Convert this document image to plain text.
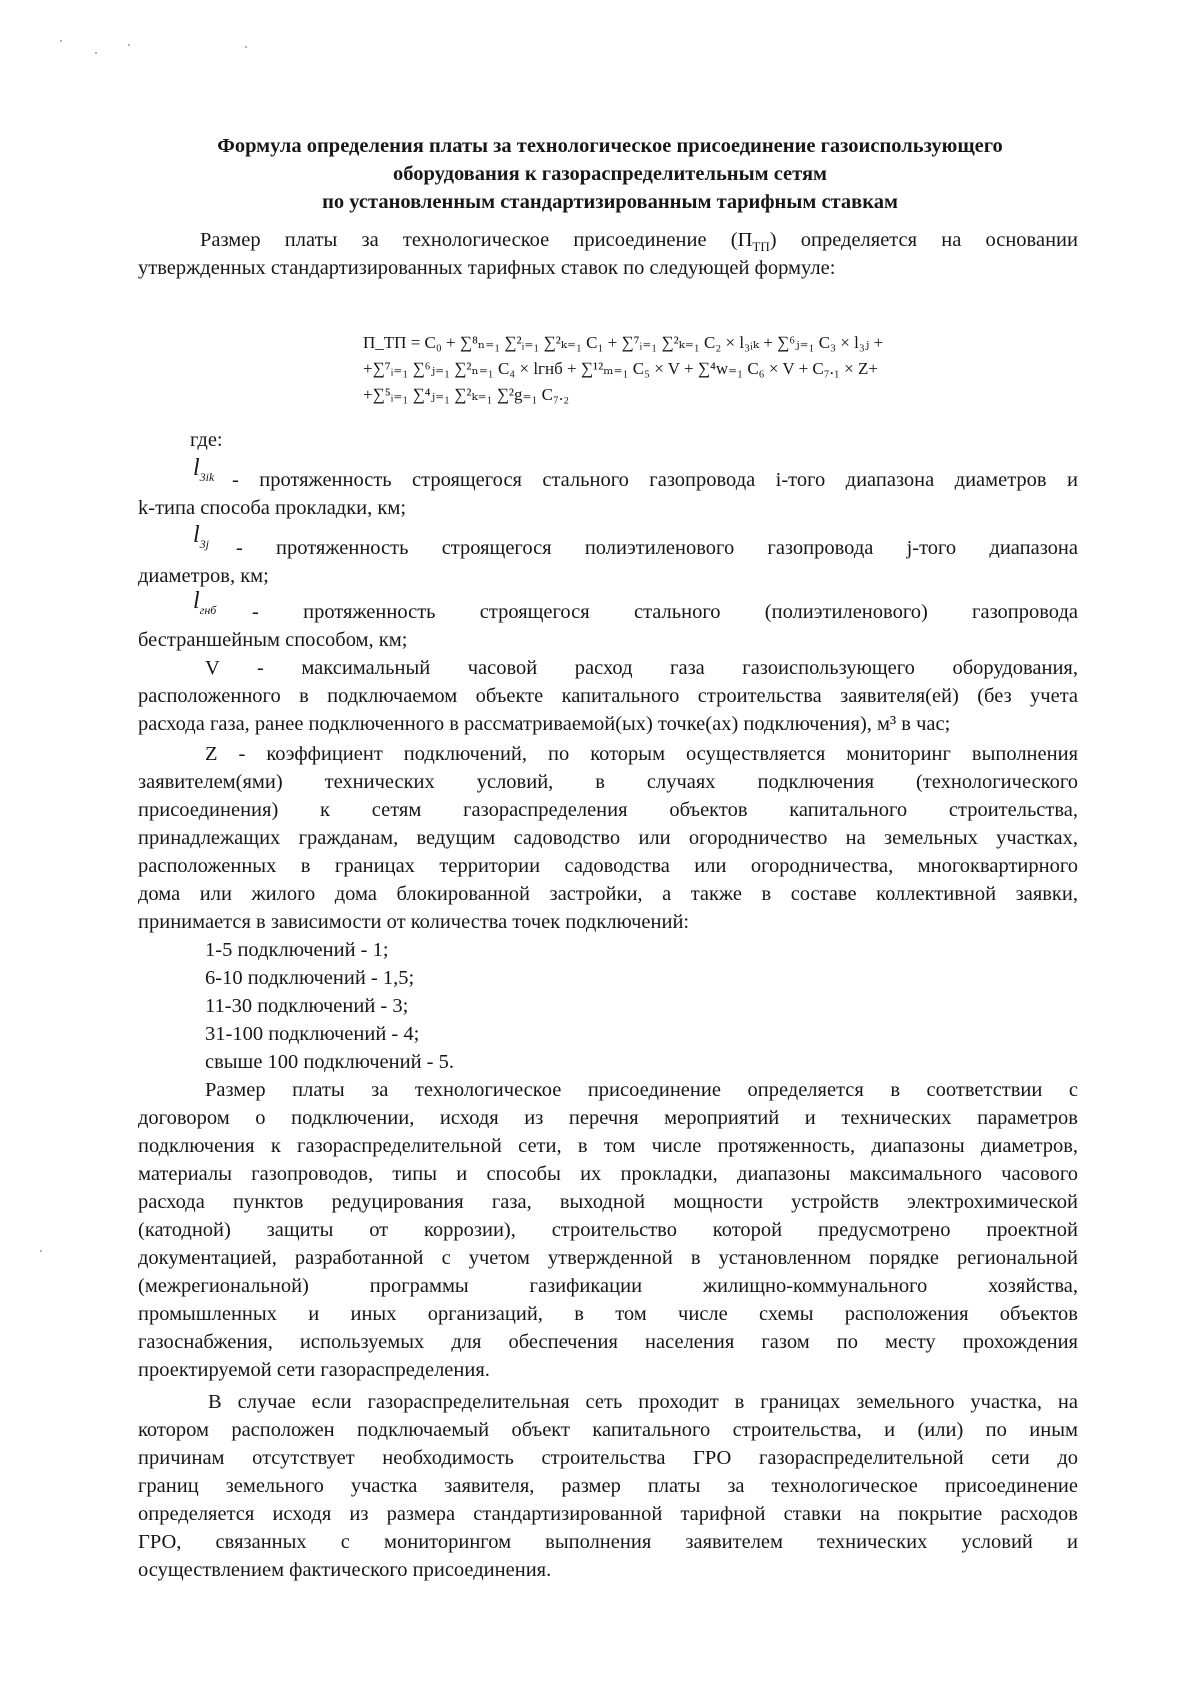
Формула определения платы за технологическое присоединение газоиспользующего
оборудования к газораспределительным сетям
по установленным стандартизированным тарифным ставкам
Размер платы за технологическое присоединение $(П_{ТП})$ определяется на основании
утвержденных стандартизированных тарифных ставок по следующей формуле:
П_ТП = C₀ + ∑⁸ₙ₌₁ ∑²ᵢ₌₁ ∑²ₖ₌₁ C₁ + ∑⁷ᵢ₌₁ ∑²ₖ₌₁ C₂ × l₃ᵢₖ + ∑⁶ⱼ₌₁ C₃ × l₃ⱼ +
+∑⁷ᵢ₌₁ ∑⁶ⱼ₌₁ ∑²ₙ₌₁ C₄ × lгнб + ∑¹²ₘ₌₁ C₅ × V + ∑⁴w₌₁ C₆ × V + C₇.₁ × Z+
+∑⁵ᵢ₌₁ ∑⁴ⱼ₌₁ ∑²ₖ₌₁ ∑²g₌₁ C₇.₂
где:
$l_{3ik}$ - протяженность строящегося стального газопровода i-того диапазона диаметров и
k-типа способа прокладки, км;
$l_{3j}$ - протяженность строящегося полиэтиленового газопровода j-того диапазона
диаметров, км;
$l_{гнб}$ - протяженность строящегося стального (полиэтиленового) газопровода
бестраншейным способом, км;
V - максимальный часовой расход газа газоиспользующего оборудования,
расположенного в подключаемом объекте капитального строительства заявителя(ей) (без учета
расхода газа, ранее подключенного в рассматриваемой(ых) точке(ах) подключения), м³ в час;
Z - коэффициент подключений, по которым осуществляется мониторинг выполнения
заявителем(ями) технических условий, в случаях подключения (технологического
присоединения) к сетям газораспределения объектов капитального строительства,
принадлежащих гражданам, ведущим садоводство или огородничество на земельных участках,
расположенных в границах территории садоводства или огородничества, многоквартирного
дома или жилого дома блокированной застройки, а также в составе коллективной заявки,
принимается в зависимости от количества точек подключений:
1-5 подключений - 1;
6-10 подключений - 1,5;
11-30 подключений - 3;
31-100 подключений - 4;
свыше 100 подключений - 5.
Размер платы за технологическое присоединение определяется в соответствии с
договором о подключении, исходя из перечня мероприятий и технических параметров
подключения к газораспределительной сети, в том числе протяженность, диапазоны диаметров,
материалы газопроводов, типы и способы их прокладки, диапазоны максимального часового
расхода пунктов редуцирования газа, выходной мощности устройств электрохимической
(катодной) защиты от коррозии), строительство которой предусмотрено проектной
документацией, разработанной с учетом утвержденной в установленном порядке региональной
(межрегиональной) программы газификации жилищно-коммунального хозяйства,
промышленных и иных организаций, в том числе схемы расположения объектов
газоснабжения, используемых для обеспечения населения газом по месту прохождения
проектируемой сети газораспределения.
В случае если газораспределительная сеть проходит в границах земельного участка, на
котором расположен подключаемый объект капитального строительства, и (или) по иным
причинам отсутствует необходимость строительства ГРО газораспределительной сети до
границ земельного участка заявителя, размер платы за технологическое присоединение
определяется исходя из размера стандартизированной тарифной ставки на покрытие расходов
ГРО, связанных с мониторингом выполнения заявителем технических условий и
осуществлением фактического присоединения.
